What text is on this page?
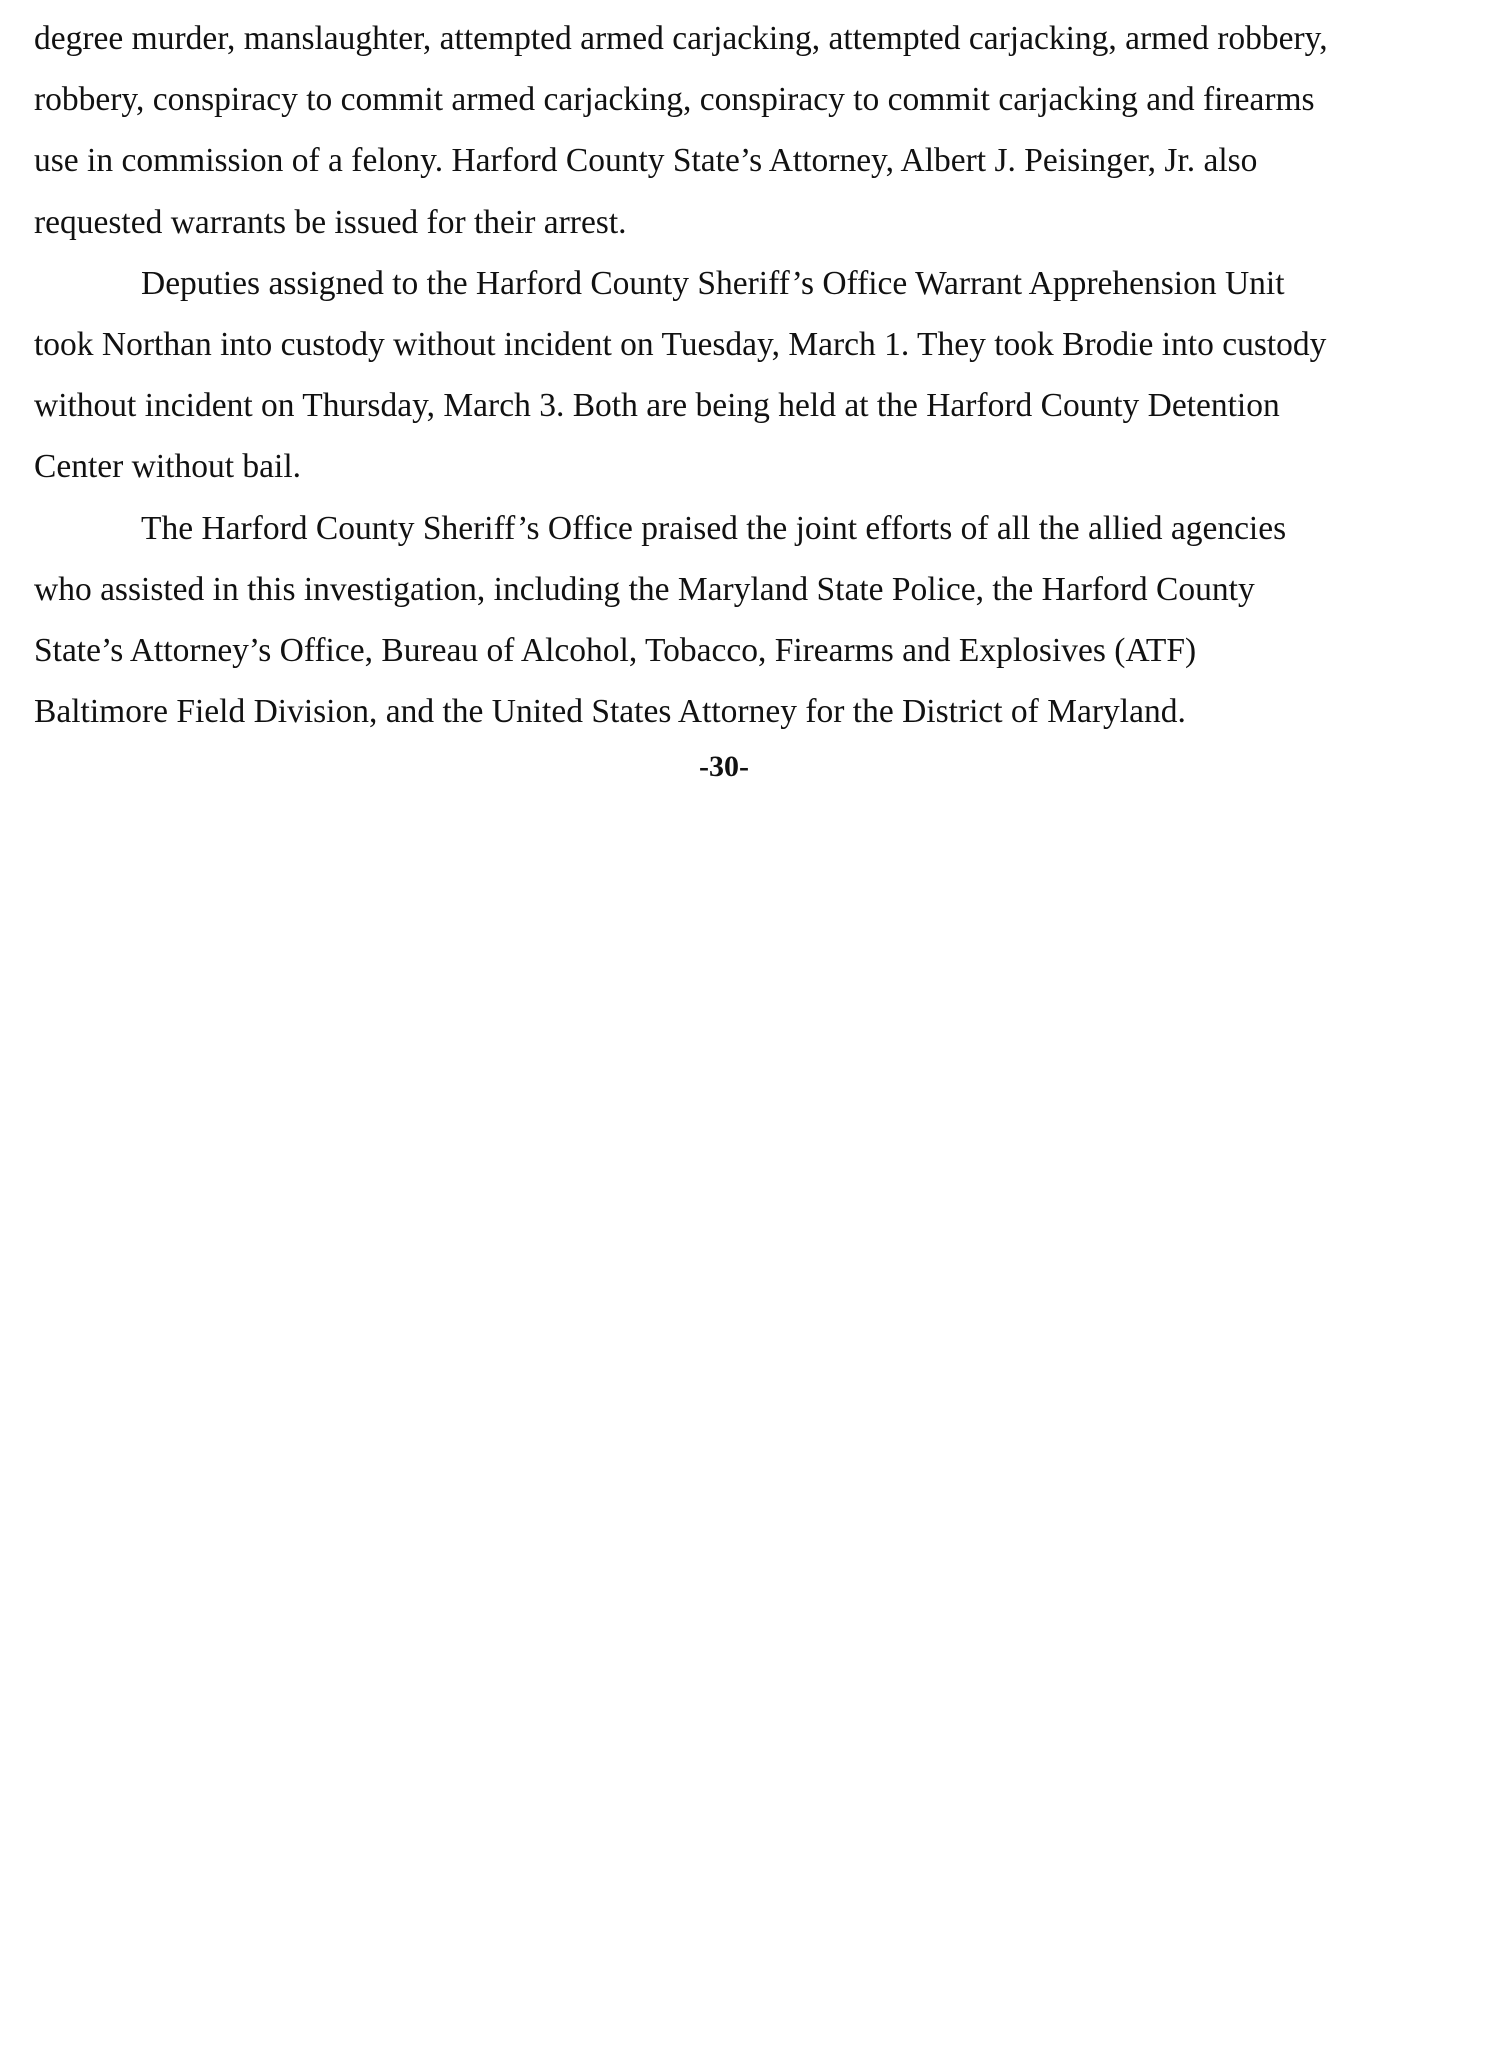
degree murder, manslaughter, attempted armed carjacking, attempted carjacking, armed robbery,
robbery, conspiracy to commit armed carjacking, conspiracy to commit carjacking and firearms
use in commission of a felony. Harford County State’s Attorney, Albert J. Peisinger, Jr. also
requested warrants be issued for their arrest.
Deputies assigned to the Harford County Sheriff’s Office Warrant Apprehension Unit
took Northan into custody without incident on Tuesday, March 1. They took Brodie into custody
without incident on Thursday, March 3. Both are being held at the Harford County Detention
Center without bail.
The Harford County Sheriff’s Office praised the joint efforts of all the allied agencies
who assisted in this investigation, including the Maryland State Police, the Harford County
State’s Attorney’s Office, Bureau of Alcohol, Tobacco, Firearms and Explosives (ATF)
Baltimore Field Division, and the United States Attorney for the District of Maryland.
-30-
